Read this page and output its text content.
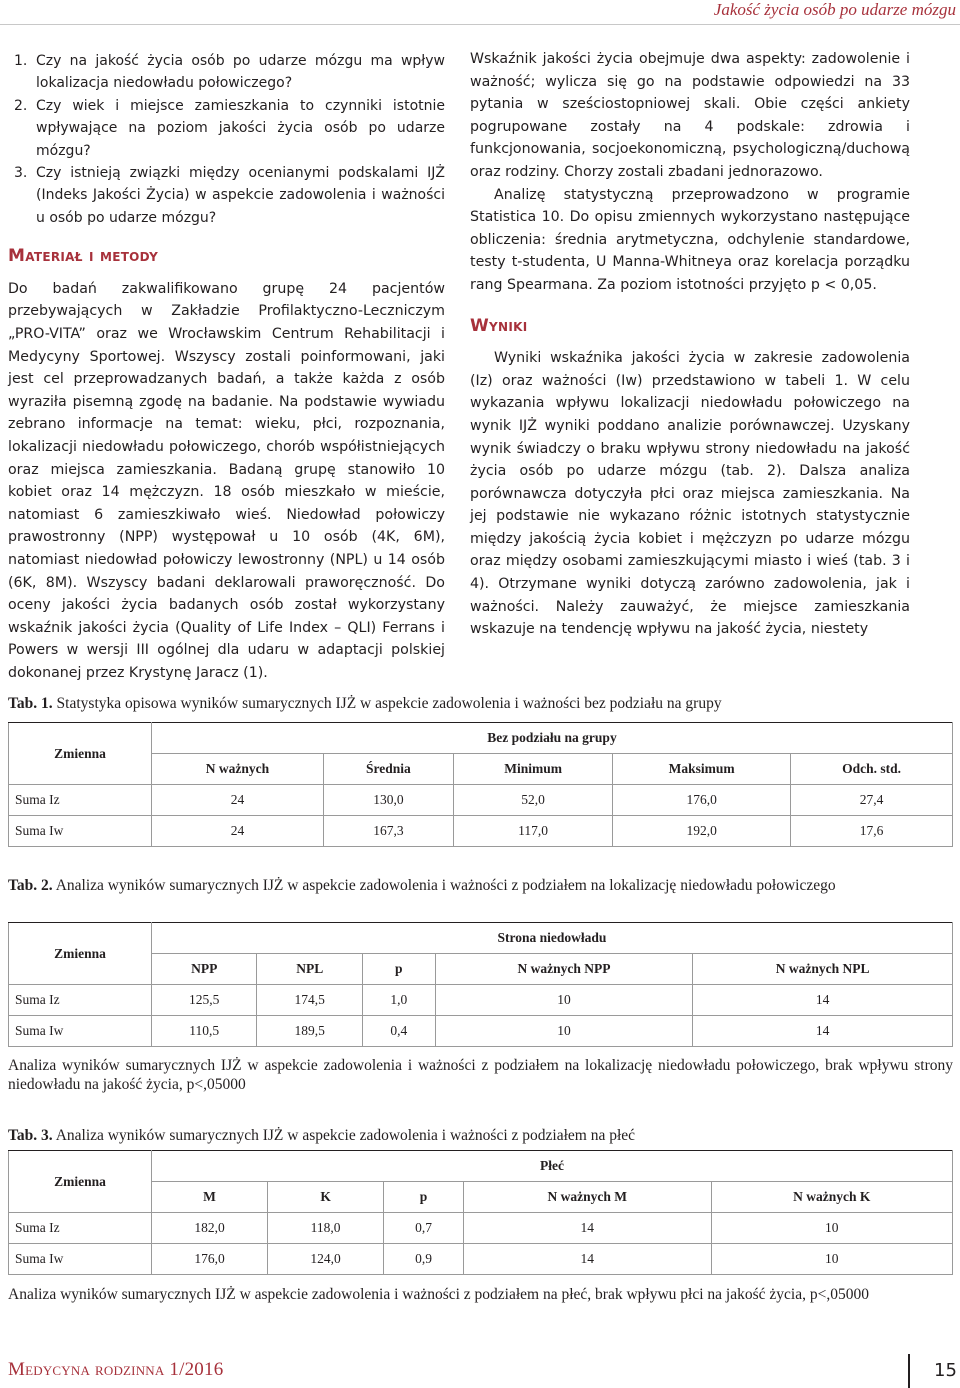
Jakość życia osób po udarze mózgu
1. Czy na jakość życia osób po udarze mózgu ma wpływ lokalizacja niedowładu połowiczego?
2. Czy wiek i miejsce zamieszkania to czynniki istotnie wpływające na poziom jakości życia osób po udarze mózgu?
3. Czy istnieją związki między ocenianymi podskalami IJŻ (Indeks Jakości Życia) w aspekcie zadowolenia i ważności u osób po udarze mózgu?
Materiał i metody

Do badań zakwalifikowano grupę 24 pacjentów przebywających w Zakładzie Profilaktyczno-Leczniczym „PRO-VITA” oraz we Wrocławskim Centrum Rehabilitacji i Medycyny Sportowej. Wszyscy zostali poinformowani, jaki jest cel przeprowadzanych badań, a także każda z osób wyraziła pisemną zgodę na badanie. Na podstawie wywiadu zebrano informacje na temat: wieku, płci, rozpoznania, lokalizacji niedowładu połowiczego, chorób współistniejących oraz miejsca zamieszkania. Badaną grupę stanowiło 10 kobiet oraz 14 mężczyzn. 18 osób mieszkało w mieście, natomiast 6 zamieszkiwało wieś. Niedowład połowiczy prawostronny (NPP) występował u 10 osób (4K, 6M), natomiast niedowład połowiczy lewostronny (NPL) u 14 osób (6K, 8M). Wszyscy badani deklarowali praworęczność. Do oceny jakości życia badanych osób został wykorzystany wskaźnik jakości życia (Quality of Life Index – QLI) Ferrans i Powers w wersji III ogólnej dla udaru w adaptacji polskiej dokonanej przez Krystynę Jaracz (1).

Wskaźnik jakości życia obejmuje dwa aspekty: zadowolenie i ważność; wylicza się go na podstawie odpowiedzi na 33 pytania w sześciostopniowej skali. Obie części ankiety pogrupowane zostały na 4 podskale: zdrowia i funkcjonowania, socjoekonomiczną, psychologiczną/duchową oraz rodziny. Chorzy zostali zbadani jednorazowo.

Analizę statystyczną przeprowadzono w programie Statistica 10. Do opisu zmiennych wykorzystano następujące obliczenia: średnia arytmetyczna, odchylenie standardowe, testy t-studenta, U Manna-Whitneya oraz korelacja porządku rang Spearmana. Za poziom istotności przyjęto p < 0,05.

Wyniki

Wyniki wskaźnika jakości życia w zakresie zadowolenia (Iz) oraz ważności (Iw) przedstawiono w tabeli 1. W celu wykazania wpływu lokalizacji niedowładu połowiczego na wynik IJŻ wyniki poddano analizie porównawczej. Uzyskany wynik świadczy o braku wpływu strony niedowładu na jakość życia osób po udarze mózgu (tab. 2). Dalsza analiza porównawcza dotyczyła płci oraz miejsca zamieszkania. Na jej podstawie nie wykazano różnic istotnych statystycznie między jakością życia kobiet i mężczyzn po udarze mózgu oraz między osobami zamieszkującymi miasto i wieś (tab. 3 i 4). Otrzymane wyniki dotyczą zarówno zadowolenia, jak i ważności. Należy zauważyć, że miejsce zamieszkania wskazuje na tendencję wpływu na jakość życia, niestety

Tab. 1. Statystyka opisowa wyników sumarycznych IJŻ w aspekcie zadowolenia i ważności bez podziału na grupy
Zmienna	Bez podziału na grupy				
	N ważnych	Średnia	Minimum	Maksimum	Odch. std.
Suma Iz	24	130,0	52,0	176,0	27,4
Suma Iw	24	167,3	117,0	192,0	17,6
Tab. 2. Analiza wyników sumarycznych IJŻ w aspekcie zadowolenia i ważności z podziałem na lokalizację niedowładu połowiczego
Zmienna	Strona niedowładu				
	NPP	NPL	p	N ważnych NPP	N ważnych NPL
Suma Iz	125,5	174,5	1,0	10	14
Suma Iw	110,5	189,5	0,4	10	14
Analiza wyników sumarycznych IJŻ w aspekcie zadowolenia i ważności z podziałem na lokalizację niedowładu połowiczego, brak wpływu strony niedowładu na jakość życia, p<,05000
Tab. 3. Analiza wyników sumarycznych IJŻ w aspekcie zadowolenia i ważności z podziałem na płeć
Zmienna	Płeć				
	M	K	p	N ważnych M	N ważnych K
Suma Iz	182,0	118,0	0,7	14	10
Suma Iw	176,0	124,0	0,9	14	10
Analiza wyników sumarycznych IJŻ w aspekcie zadowolenia i ważności z podziałem na płeć, brak wpływu płci na jakość życia, p<,05000
Medycyna rodzinna 1/2016	15
